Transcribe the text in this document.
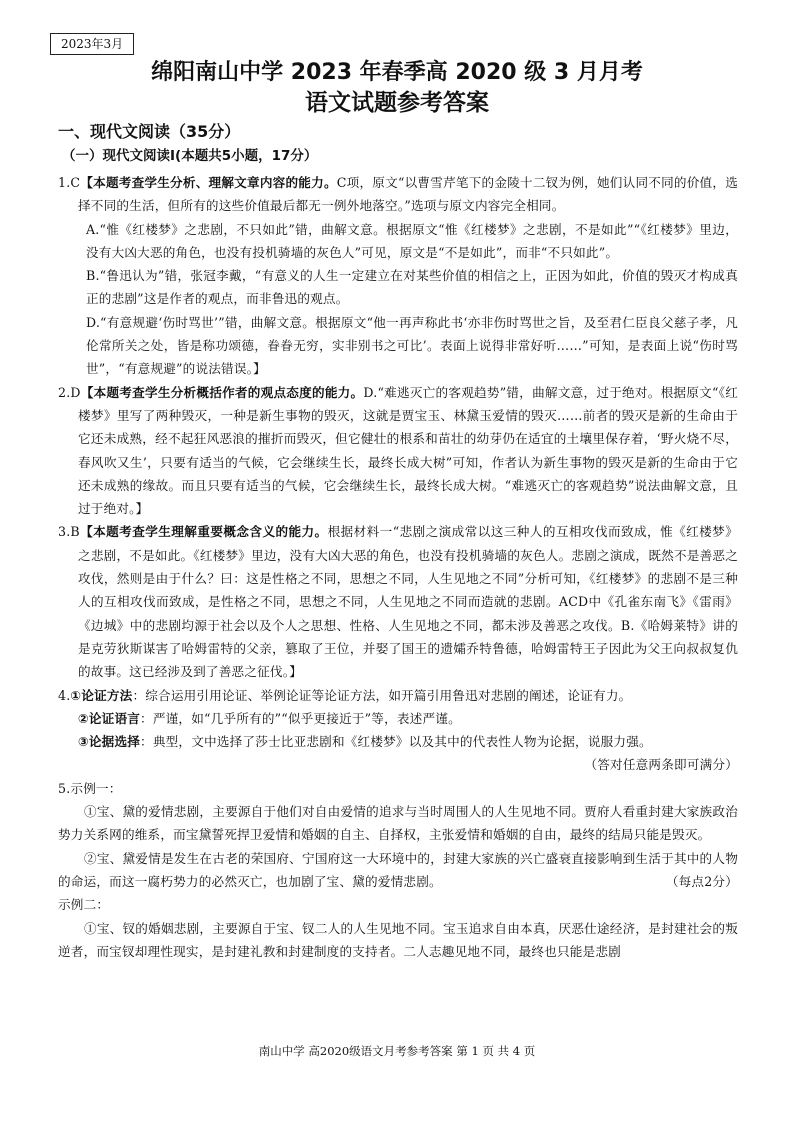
2023年3月
绵阳南山中学 2023 年春季高 2020 级 3 月月考
语文试题参考答案
一、现代文阅读（35分）
（一）现代文阅读Ⅰ(本题共5小题，17分）

1.C【本题考查学生分析、理解文章内容的能力。C项，原文“以曹雪芹笔下的金陵十二钗为例，她们认同不同的价值，选择不同的生活，但所有的这些价值最后都无一例外地落空。”选项与原文内容完全相同。

A.“惟《红楼梦》之悲剧，不只如此”错，曲解文意。根据原文“惟《红楼梦》之悲剧，不是如此”“《红楼梦》里边，没有大凶大恶的角色，也没有投机骑墙的灰色人”可见，原文是“不是如此”，而非“不只如此”。

B.“鲁迅认为”错，张冠李戴，“有意义的人生一定建立在对某些价值的相信之上，正因为如此，价值的毁灭才构成真正的悲剧”这是作者的观点，而非鲁迅的观点。

D.“有意规避‘伤时骂世’”错，曲解文意。根据原文“他一再声称此书‘亦非伤时骂世之旨，及至君仁臣良父慈子孝，凡伦常所关之处，皆是称功颂德，眷眷无穷，实非别书之可比’。表面上说得非常好听……”可知，是表面上说“伤时骂世”，“有意规避”的说法错误。】

2.D【本题考查学生分析概括作者的观点态度的能力。D.“难逃灭亡的客观趋势”错，曲解文意，过于绝对。根据原文“《红楼梦》里写了两种毁灭，一种是新生事物的毁灭，这就是贾宝玉、林黛玉爱情的毁灭……前者的毁灭是新的生命由于它还未成熟，经不起狂风恶浪的摧折而毁灭，但它健壮的根系和苗壮的幼芽仍在适宜的土壤里保存着，‘野火烧不尽，春风吹又生’，只要有适当的气候，它会继续生长，最终长成大树”可知，作者认为新生事物的毁灭是新的生命由于它还未成熟的缘故。而且只要有适当的气候，它会继续生长，最终长成大树。“难逃灭亡的客观趋势”说法曲解文意，且过于绝对。】

3.B【本题考查学生理解重要概念含义的能力。根据材料一“悲剧之演成常以这三种人的互相攻伐而致成，惟《红楼梦》之悲剧，不是如此。《红楼梦》里边，没有大凶大恶的角色，也没有投机骑墙的灰色人。悲剧之演成，既然不是善恶之攻伐，然则是由于什么？曰：这是性格之不同，思想之不同，人生见地之不同”分析可知，《红楼梦》的悲剧不是三种人的互相攻伐而致成，是性格之不同，思想之不同，人生见地之不同而造就的悲剧。ACD中《孔雀东南飞》《雷雨》《边城》中的悲剧均源于社会以及个人之思想、性格、人生见地之不同，都未涉及善恶之攻伐。B.《哈姆莱特》讲的是克劳狄斯谋害了哈姆雷特的父亲，篡取了王位，并娶了国王的遗孀乔特鲁德，哈姆雷特王子因此为父王向叔叔复仇的故事。这已经涉及到了善恶之征伐。】

4.①论证方法：综合运用引用论证、举例论证等论证方法，如开篇引用鲁迅对悲剧的阐述，论证有力。

②论证语言：严谨，如“几乎所有的”“似乎更接近于”等，表述严谨。

③论据选择：典型，文中选择了莎士比亚悲剧和《红楼梦》以及其中的代表性人物为论据，说服力强。

（答对任意两条即可满分）

5.示例一：

①宝、黛的爱情悲剧，主要源自于他们对自由爱情的追求与当时周围人的人生见地不同。贾府人看重封建大家族政治势力关系网的维系，而宝黛誓死捍卫爱情和婚姻的自主、自择权，主张爱情和婚姻的自由，最终的结局只能是毁灭。

②宝、黛爱情是发生在古老的荣国府、宁国府这一大环境中的，封建大家族的兴亡盛衰直接影响到生活于其中的人物的命运，而这一腐朽势力的必然灭亡，也加剧了宝、黛的爱情悲剧。	（每点2分）

示例二：

①宝、钗的婚姻悲剧，主要源自于宝、钗二人的人生见地不同。宝玉追求自由本真，厌恶仕途经济，是封建社会的叛逆者，而宝钗却理性现实，是封建礼教和封建制度的支持者。二人志趣见地不同，最终也只能是悲剧

南山中学 高2020级语文月考参考答案 第 1 页 共 4 页
